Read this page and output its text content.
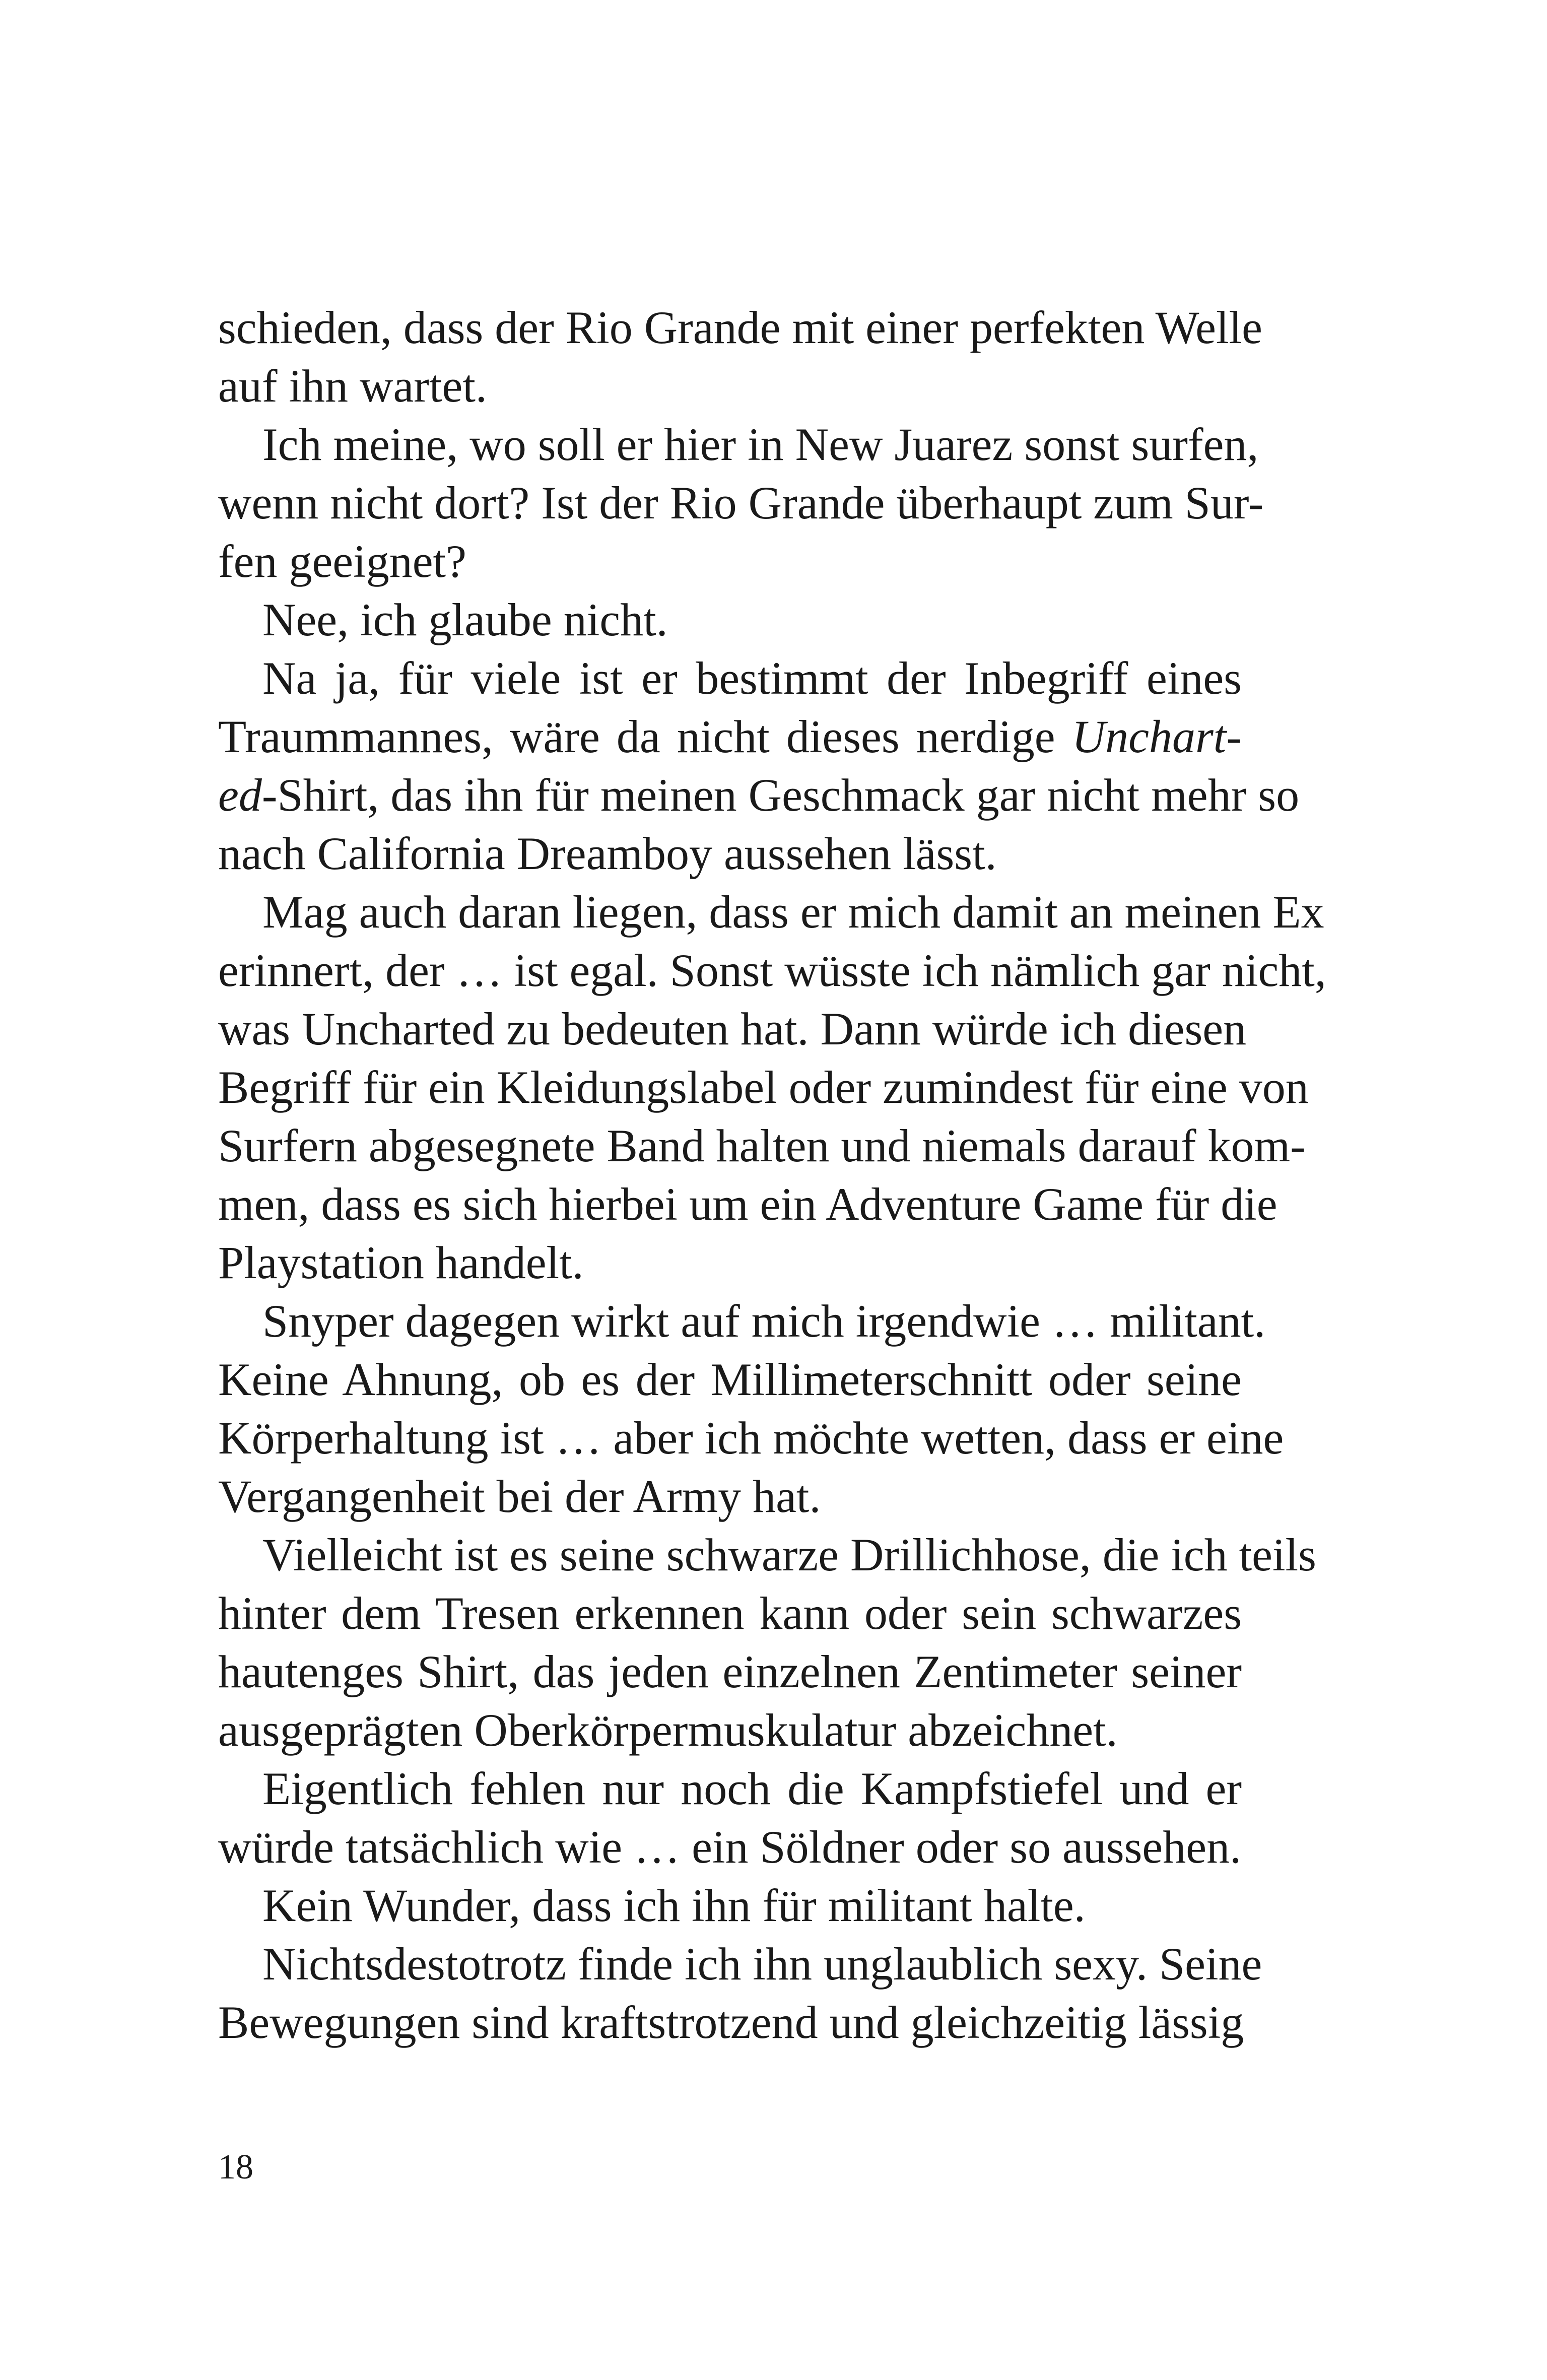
schieden, dass der Rio Grande mit einer perfekten Welle
auf ihn wartet.
Ich meine, wo soll er hier in New Juarez sonst surfen,
wenn nicht dort? Ist der Rio Grande überhaupt zum Sur-
fen geeignet?
Nee, ich glaube nicht.
Na ja, für viele ist er bestimmt der Inbegriff eines
Traummannes, wäre da nicht dieses nerdige Unchart-
ed-Shirt, das ihn für meinen Geschmack gar nicht mehr so
nach California Dreamboy aussehen lässt.
Mag auch daran liegen, dass er mich damit an meinen Ex
erinnert, der … ist egal. Sonst wüsste ich nämlich gar nicht,
was Uncharted zu bedeuten hat. Dann würde ich diesen
Begriff für ein Kleidungslabel oder zumindest für eine von
Surfern abgesegnete Band halten und niemals darauf kom-
men, dass es sich hierbei um ein Adventure Game für die
Playstation handelt.
Snyper dagegen wirkt auf mich irgendwie … militant.
Keine Ahnung, ob es der Millimeterschnitt oder seine
Körperhaltung ist … aber ich möchte wetten, dass er eine
Vergangenheit bei der Army hat.
Vielleicht ist es seine schwarze Drillichhose, die ich teils
hinter dem Tresen erkennen kann oder sein schwarzes
hautenges Shirt, das jeden einzelnen Zentimeter seiner
ausgeprägten Oberkörpermuskulatur abzeichnet.
Eigentlich fehlen nur noch die Kampfstiefel und er
würde tatsächlich wie … ein Söldner oder so aussehen.
Kein Wunder, dass ich ihn für militant halte.
Nichtsdestotrotz finde ich ihn unglaublich sexy. Seine
Bewegungen sind kraftstrotzend und gleichzeitig lässig
18
